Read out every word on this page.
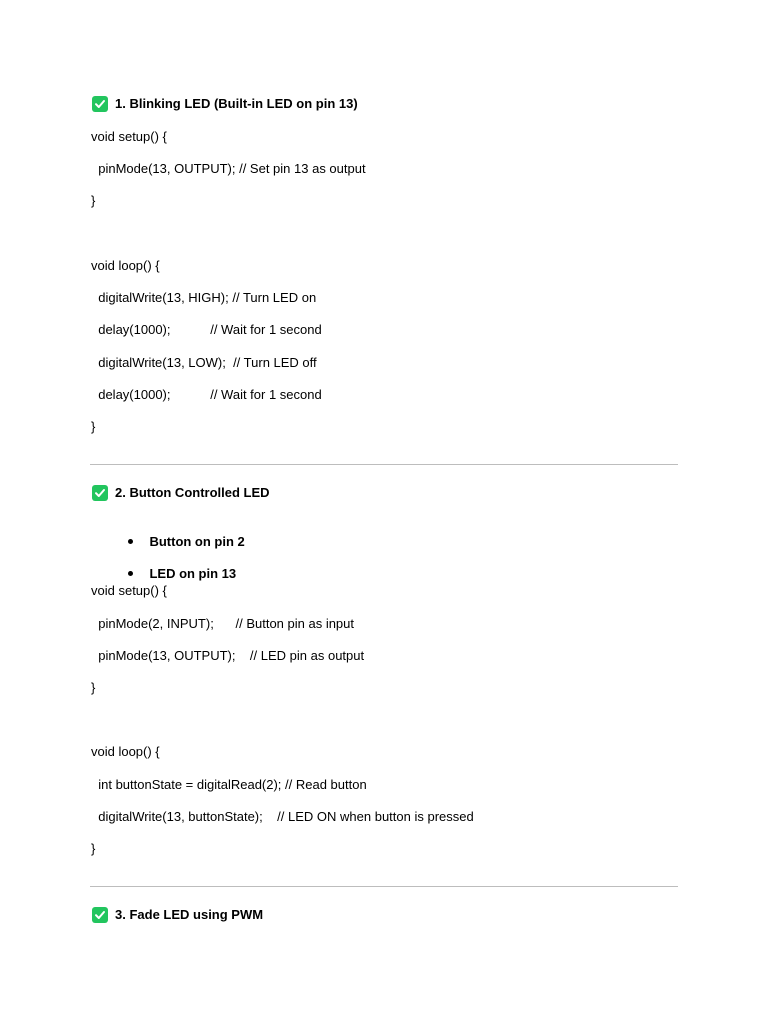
1. Blinking LED (Built-in LED on pin 13)
void setup() {
pinMode(13, OUTPUT); // Set pin 13 as output
}
void loop() {
digitalWrite(13, HIGH); // Turn LED on
delay(1000);           // Wait for 1 second
digitalWrite(13, LOW);  // Turn LED off
delay(1000);           // Wait for 1 second
}

2. Button Controlled LED

Button on pin 2

LED on pin 13

void setup() {
pinMode(2, INPUT);      // Button pin as input
pinMode(13, OUTPUT);    // LED pin as output
}
void loop() {
int buttonState = digitalRead(2); // Read button
digitalWrite(13, buttonState);    // LED ON when button is pressed
}

3. Fade LED using PWM
